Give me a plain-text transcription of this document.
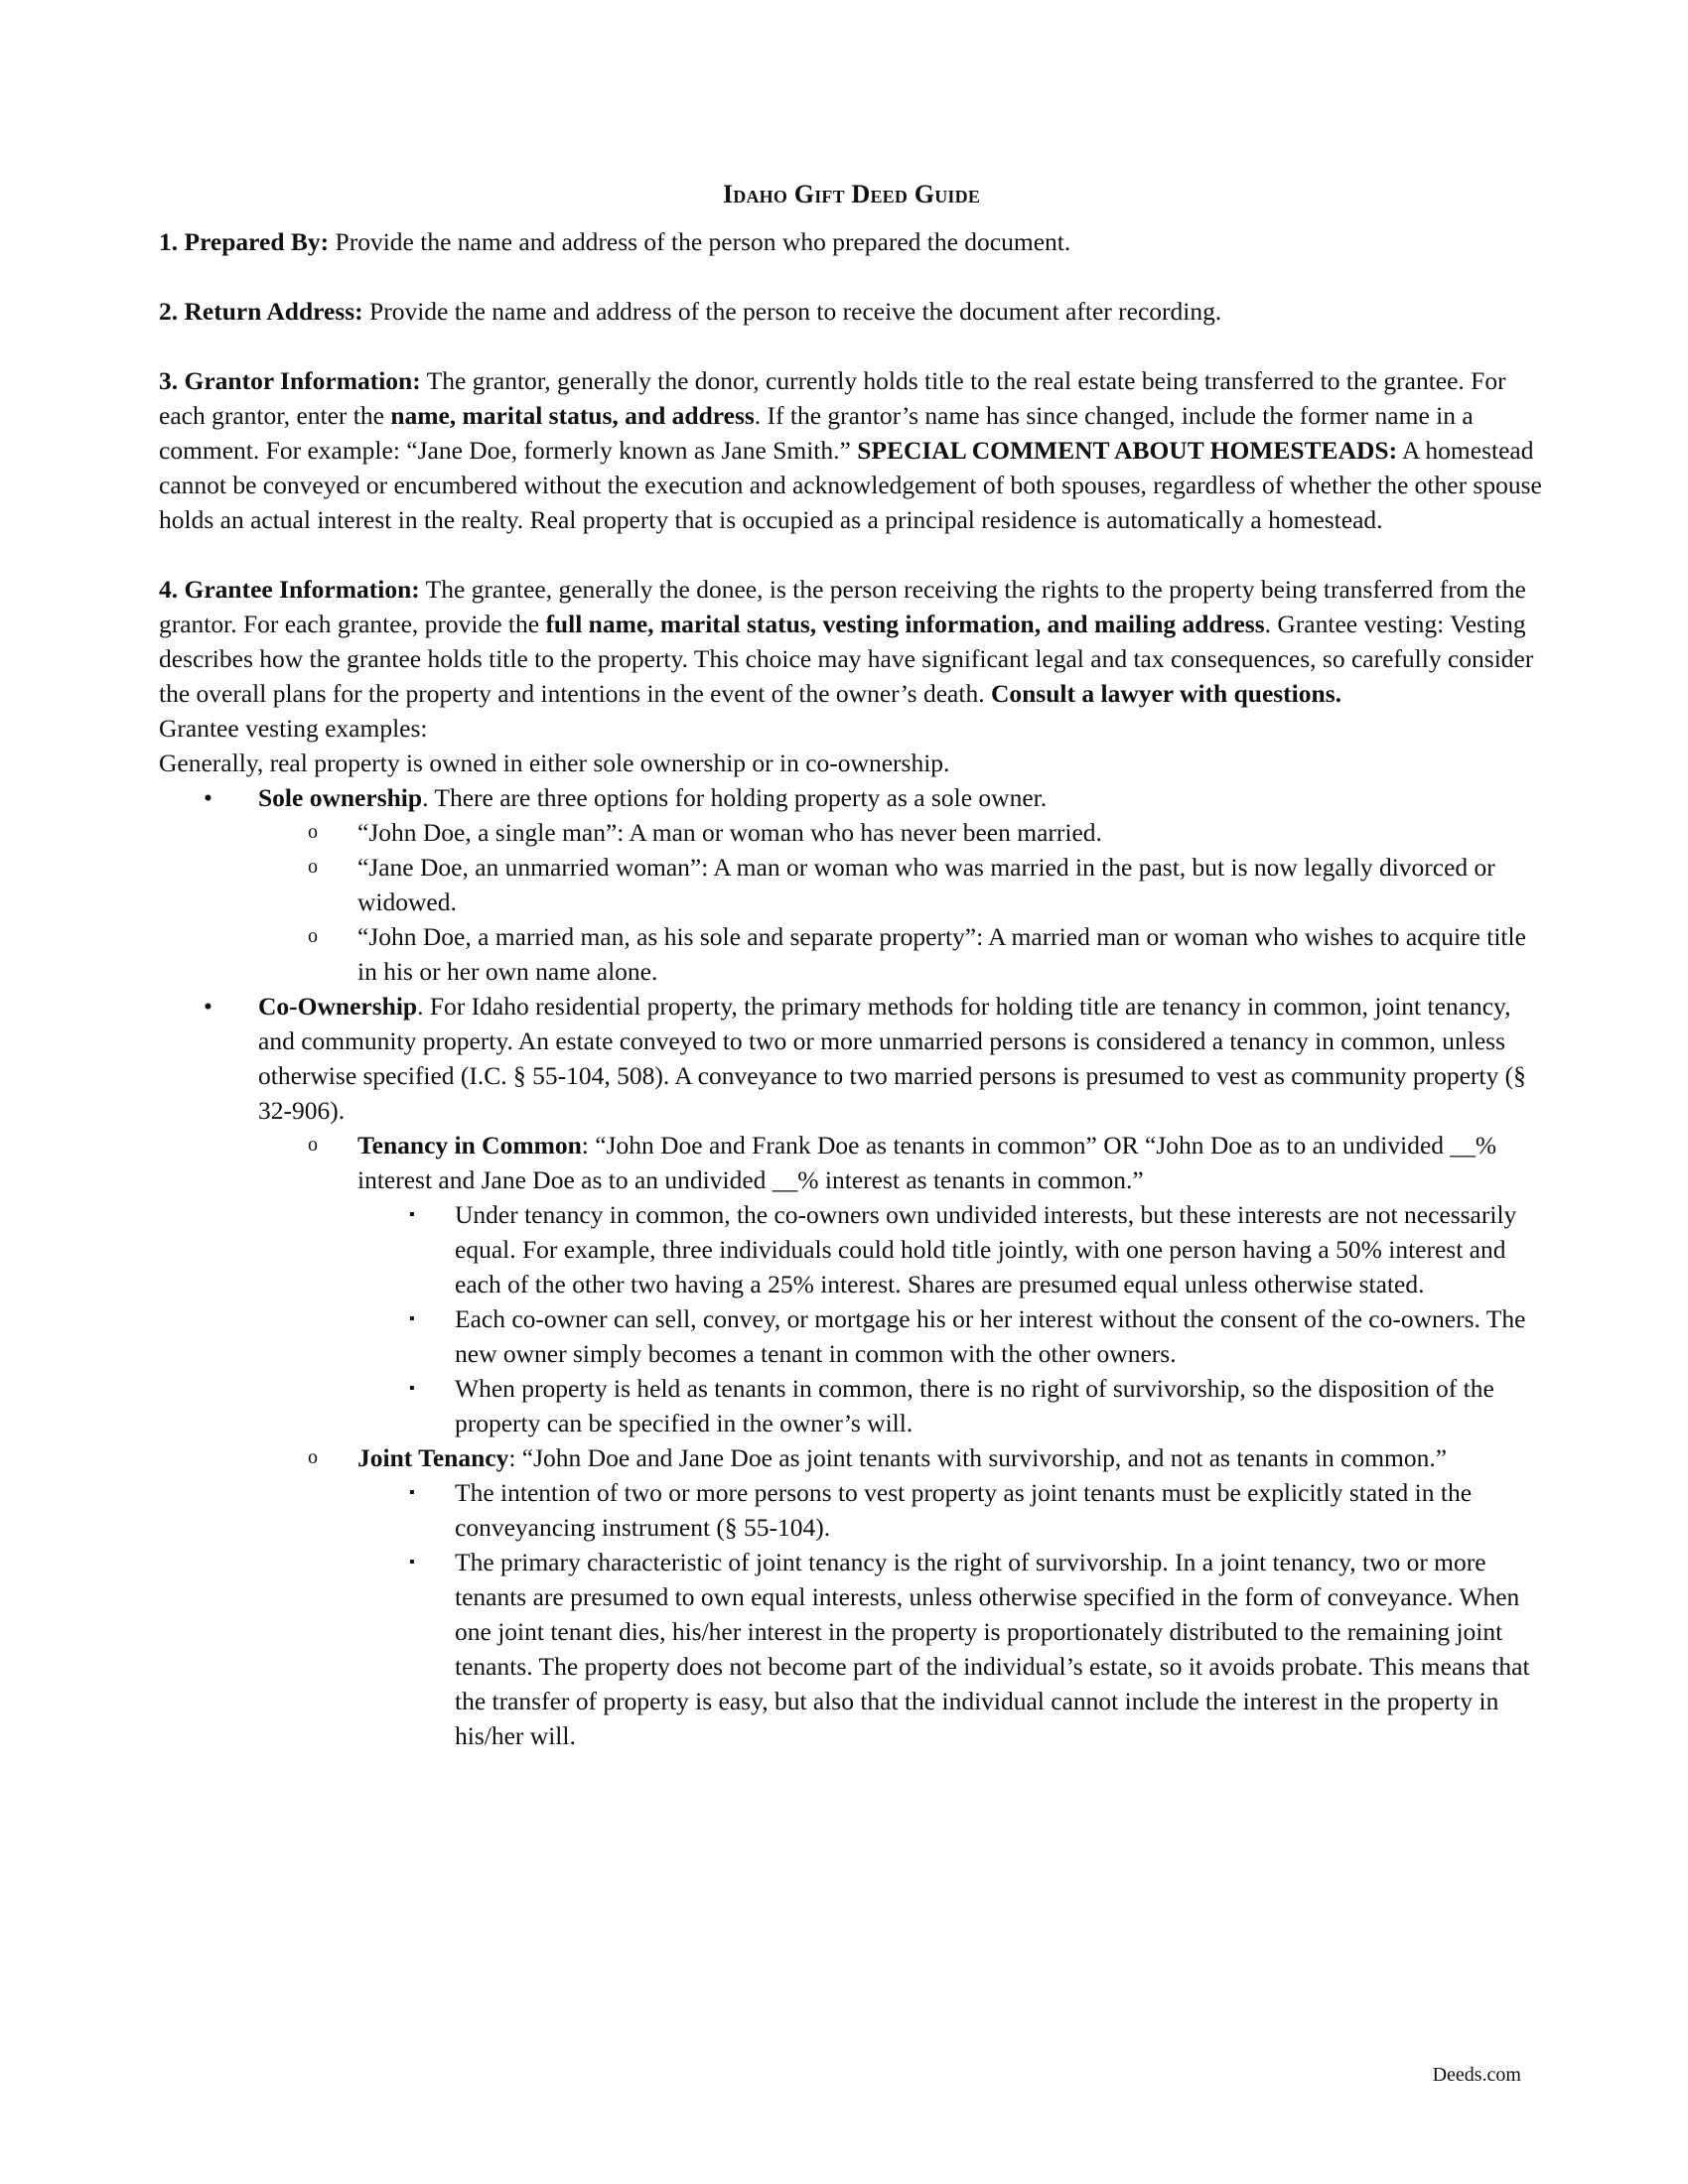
Idaho Gift Deed Guide

1. Prepared By: Provide the name and address of the person who prepared the document.

2. Return Address: Provide the name and address of the person to receive the document after recording.

3. Grantor Information: The grantor, generally the donor, currently holds title to the real estate being transferred to the grantee. For each grantor, enter the name, marital status, and address. If the grantor’s name has since changed, include the former name in a comment. For example: “Jane Doe, formerly known as Jane Smith.” SPECIAL COMMENT ABOUT HOMESTEADS: A homestead cannot be conveyed or encumbered without the execution and acknowledgement of both spouses, regardless of whether the other spouse holds an actual interest in the realty. Real property that is occupied as a principal residence is automatically a homestead.

4. Grantee Information: The grantee, generally the donee, is the person receiving the rights to the property being transferred from the grantor. For each grantee, provide the full name, marital status, vesting information, and mailing address. Grantee vesting: Vesting describes how the grantee holds title to the property. This choice may have significant legal and tax consequences, so carefully consider the overall plans for the property and intentions in the event of the owner’s death. Consult a lawyer with questions.

Grantee vesting examples:
Generally, real property is owned in either sole ownership or in co-ownership.
• Sole ownership. There are three options for holding property as a sole owner.
o “John Doe, a single man”: A man or woman who has never been married.
o “Jane Doe, an unmarried woman”: A man or woman who was married in the past, but is now legally divorced or widowed.
o “John Doe, a married man, as his sole and separate property”: A married man or woman who wishes to acquire title in his or her own name alone.
• Co-Ownership. For Idaho residential property, the primary methods for holding title are tenancy in common, joint tenancy, and community property. An estate conveyed to two or more unmarried persons is considered a tenancy in common, unless otherwise specified (I.C. § 55-104, 508). A conveyance to two married persons is presumed to vest as community property (§ 32-906).
o Tenancy in Common: “John Doe and Frank Doe as tenants in common” OR “John Doe as to an undivided __% interest and Jane Doe as to an undivided __% interest as tenants in common.”
▪ Under tenancy in common, the co-owners own undivided interests, but these interests are not necessarily equal. For example, three individuals could hold title jointly, with one person having a 50% interest and each of the other two having a 25% interest. Shares are presumed equal unless otherwise stated.
▪ Each co-owner can sell, convey, or mortgage his or her interest without the consent of the co-owners. The new owner simply becomes a tenant in common with the other owners.
▪ When property is held as tenants in common, there is no right of survivorship, so the disposition of the property can be specified in the owner’s will.
o Joint Tenancy: “John Doe and Jane Doe as joint tenants with survivorship, and not as tenants in common.”
▪ The intention of two or more persons to vest property as joint tenants must be explicitly stated in the conveyancing instrument (§ 55-104).
▪ The primary characteristic of joint tenancy is the right of survivorship. In a joint tenancy, two or more tenants are presumed to own equal interests, unless otherwise specified in the form of conveyance. When one joint tenant dies, his/her interest in the property is proportionately distributed to the remaining joint tenants. The property does not become part of the individual’s estate, so it avoids probate. This means that the transfer of property is easy, but also that the individual cannot include the interest in the property in his/her will.
Deeds.com
